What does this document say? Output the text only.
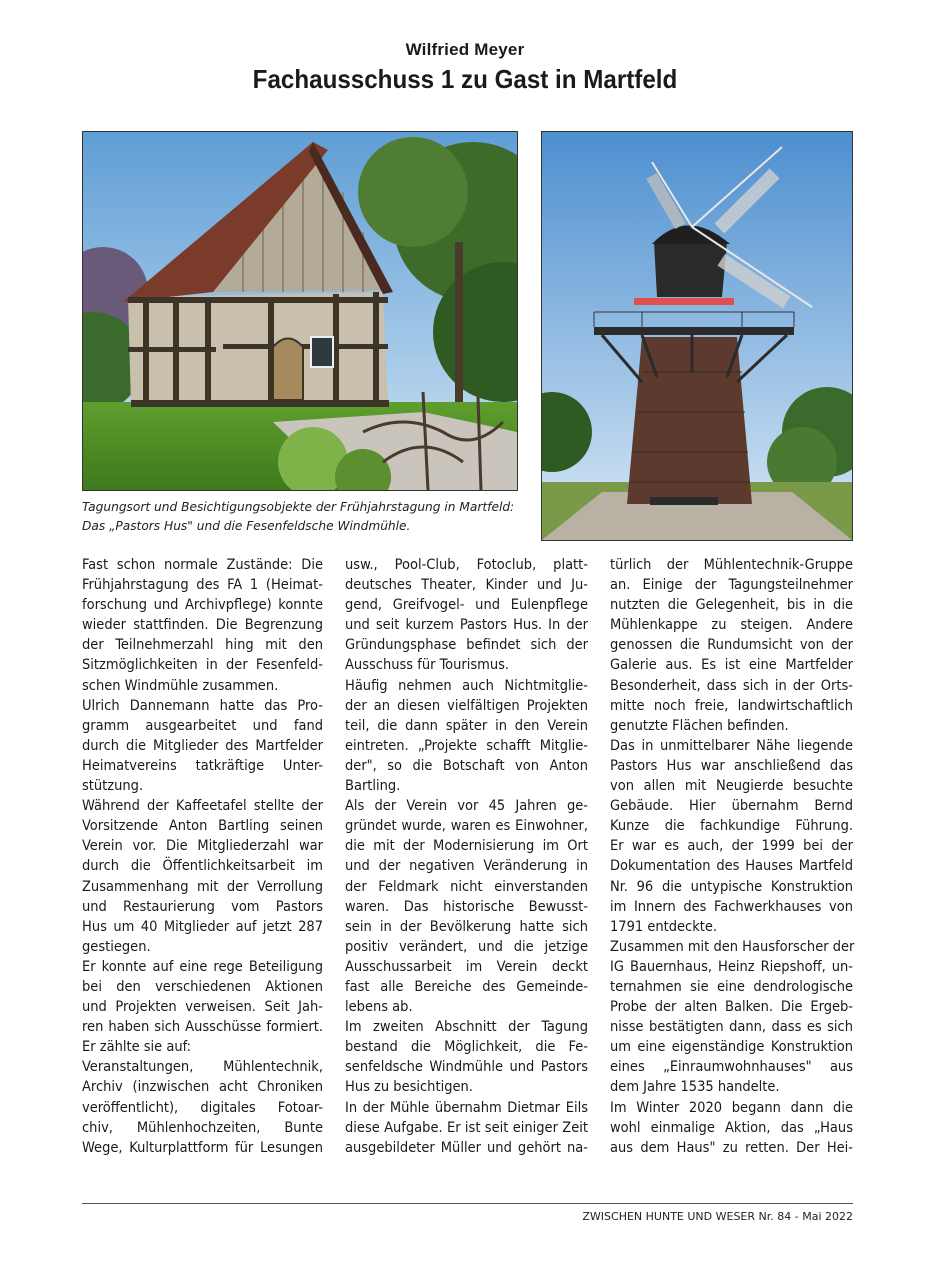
Wilfried Meyer
Fachausschuss 1 zu Gast in Martfeld
Tagungsort und Besichtigungsobjekte der Frühjahrstagung in Martfeld:
Das „Pastors Hus" und die Fesenfeldsche Windmühle.
Fast schon normale Zustände: Die
Frühjahrstagung des FA 1 (Heimat-
forschung und Archivpflege) konnte
wieder stattfinden. Die Begrenzung
der Teilnehmerzahl hing mit den
Sitzmöglichkeiten in der Fesenfeld-
schen Windmühle zusammen.
Ulrich Dannemann hatte das Pro-
gramm ausgearbeitet und fand
durch die Mitglieder des Martfelder
Heimatvereins tatkräftige Unter-
stützung.
Während der Kaffeetafel stellte der
Vorsitzende Anton Bartling seinen
Verein vor. Die Mitgliederzahl war
durch die Öffentlichkeitsarbeit im
Zusammenhang mit der Verrollung
und Restaurierung vom Pastors
Hus um 40 Mitglieder auf jetzt 287
gestiegen.
Er konnte auf eine rege Beteiligung
bei den verschiedenen Aktionen
und Projekten verweisen. Seit Jah-
ren haben sich Ausschüsse formiert.
Er zählte sie auf:
Veranstaltungen, Mühlentechnik,
Archiv (inzwischen acht Chroniken
veröffentlicht), digitales Fotoar-
chiv, Mühlenhochzeiten, Bunte
Wege, Kulturplattform für Lesungen
usw., Pool-Club, Fotoclub, platt-
deutsches Theater, Kinder und Ju-
gend, Greifvogel- und Eulenpflege
und seit kurzem Pastors Hus. In der
Gründungsphase befindet sich der
Ausschuss für Tourismus.
Häufig nehmen auch Nichtmitglie-
der an diesen vielfältigen Projekten
teil, die dann später in den Verein
eintreten. „Projekte schafft Mitglie-
der", so die Botschaft von Anton
Bartling.
Als der Verein vor 45 Jahren ge-
gründet wurde, waren es Einwohner,
die mit der Modernisierung im Ort
und der negativen Veränderung in
der Feldmark nicht einverstanden
waren. Das historische Bewusst-
sein in der Bevölkerung hatte sich
positiv verändert, und die jetzige
Ausschussarbeit im Verein deckt
fast alle Bereiche des Gemeinde-
lebens ab.
Im zweiten Abschnitt der Tagung
bestand die Möglichkeit, die Fe-
senfeldsche Windmühle und Pastors
Hus zu besichtigen.
In der Mühle übernahm Dietmar Eils
diese Aufgabe. Er ist seit einiger Zeit
ausgebildeter Müller und gehört na-
türlich der Mühlentechnik-Gruppe
an. Einige der Tagungsteilnehmer
nutzten die Gelegenheit, bis in die
Mühlenkappe zu steigen. Andere
genossen die Rundumsicht von der
Galerie aus. Es ist eine Martfelder
Besonderheit, dass sich in der Orts-
mitte noch freie, landwirtschaftlich
genutzte Flächen befinden.
Das in unmittelbarer Nähe liegende
Pastors Hus war anschließend das
von allen mit Neugierde besuchte
Gebäude. Hier übernahm Bernd
Kunze die fachkundige Führung.
Er war es auch, der 1999 bei der
Dokumentation des Hauses Martfeld
Nr. 96 die untypische Konstruktion
im Innern des Fachwerkhauses von
1791 entdeckte.
Zusammen mit den Hausforscher der
IG Bauernhaus, Heinz Riepshoff, un-
ternahmen sie eine dendrologische
Probe der alten Balken. Die Ergeb-
nisse bestätigten dann, dass es sich
um eine eigenständige Konstruktion
eines „Einraumwohnhauses" aus
dem Jahre 1535 handelte.
Im Winter 2020 begann dann die
wohl einmalige Aktion, das „Haus
aus dem Haus" zu retten. Der Hei-
ZWISCHEN HUNTE UND WESER Nr. 84 - Mai 2022
